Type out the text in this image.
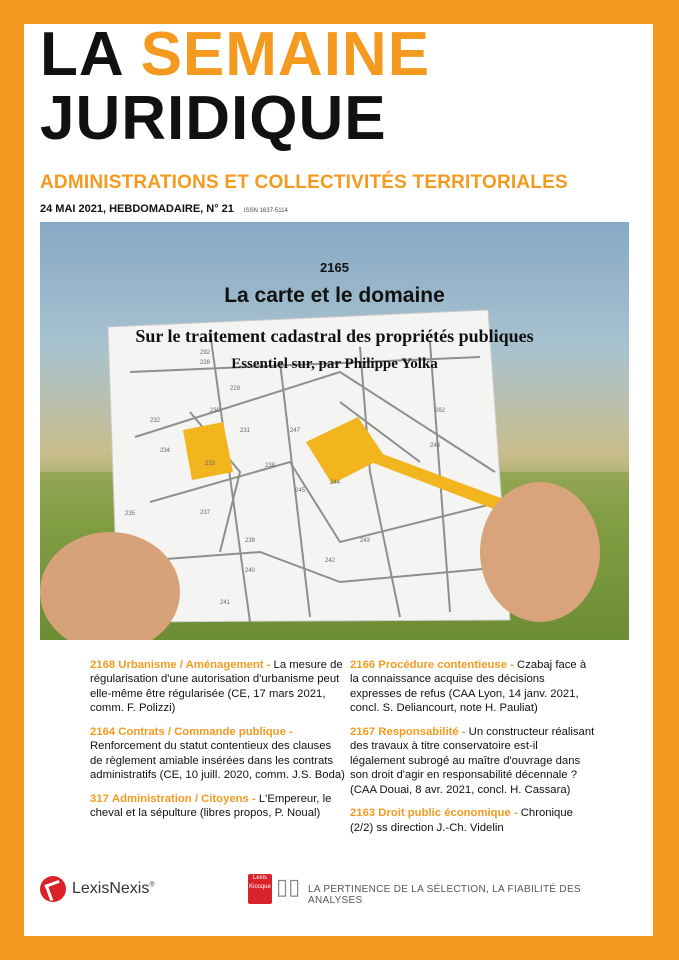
LA SEMAINE
JURIDIQUE
ADMINISTRATIONS ET COLLECTIVITÉS TERRITORIALES
24 MAI 2021, HEBDOMADAIRE, N° 21 ISSN 1637-5114
228
229
230
231
232
233
234
235	237
238
239
240
241
242
243
244
245
247
248
262
292
2165
La carte et le domaine
Sur le traitement cadastral des propriétés publiques
Essentiel sur, par Philippe Yolka
2168 Urbanisme / Aménagement - La mesure de régularisation d'une autorisation d'urbanisme peut elle-même être régularisée (CE, 17 mars 2021, comm. F. Polizzi)
2164 Contrats / Commande publique - Renforcement du statut contentieux des clauses de règlement amiable insérées dans les contrats administratifs (CE, 10 juill. 2020, comm. J.S. Boda)
317 Administration / Citoyens - L'Empereur, le cheval et la sépulture (libres propos, P. Noual)
2166 Procédure contentieuse - Czabaj face à la connaissance acquise des décisions expresses de refus (CAA Lyon, 14 janv. 2021, concl. S. Deliancourt, note H. Pauliat)
2167 Responsabilité - Un constructeur réalisant des travaux à titre conservatoire est-il légalement subrogé au maître d'ouvrage dans son droit d'agir en responsabilité décennale ? (CAA Douai, 8 avr. 2021, concl. H. Cassara)
2163 Droit public économique - Chronique (2/2) ss direction J.-Ch. Videlin
LexisNexis®
Lexis
Kiosque ▯▯ LA PERTINENCE DE LA SÉLECTION, LA FIABILITÉ DES ANALYSES
